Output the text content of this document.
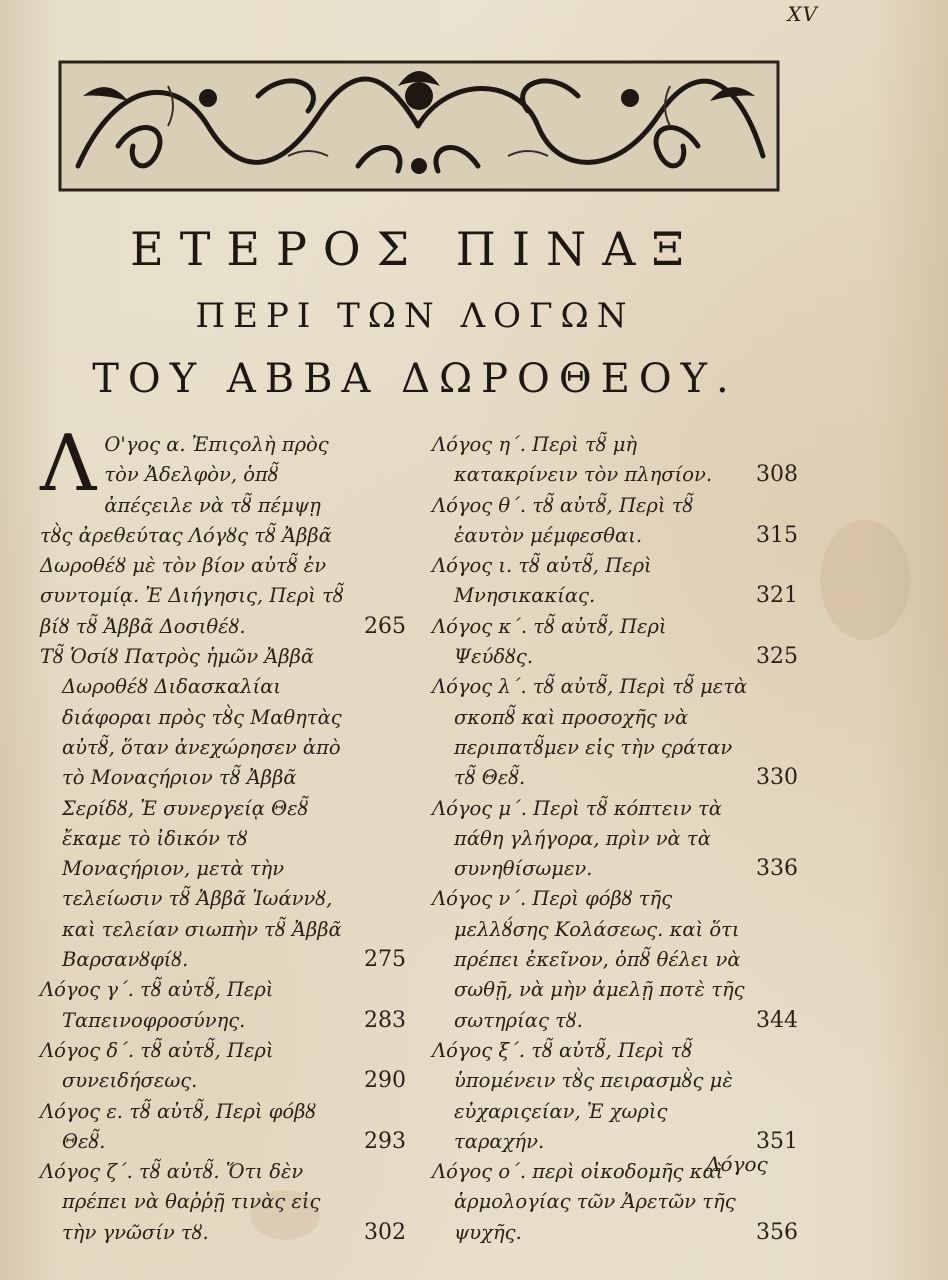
XV
ΕΤΕΡΟΣ ΠΙΝΑΞ
ΠΕΡΙ ΤΩΝ ΛΟΓΩΝ
ΤΟΥ ΑΒΒΑ ΔΩΡΟΘΕΟΥ.
Λ Ο'γος α. Ἐπιςολὴ πρὸς τὸν Ἀδελφὸν, ὁπȣ̃ ἀπέςειλε νὰ τȣ̃ πέμψῃ τȣ̀ς ἀρεθεύτας Λόγȣς τȣ̃ Ἀββᾶ Δωροθέȣ μὲ τὸν βίον αὐτȣ̃ ἐν συντομίᾳ. Ἐ Διήγησις, Περὶ τȣ̃ βίȣ τȣ̃ Ἀββᾶ Δοσιθέȣ.	265
Τȣ̃ Ὁσίȣ Πατρὸς ἡμῶν Ἀββᾶ Δωροθέȣ Διδασκαλίαι διάφοραι πρὸς τȣ̀ς Μαθητὰς αὐτȣ̃, ὅταν ἀνεχώρησεν ἀπὸ τὸ Μοναςήριον τȣ̃ Ἀββᾶ Σερίδȣ, Ἐ συνεργείᾳ Θεȣ̃ ἔκαμε τὸ ἰδικόν τȣ Μοναςήριον, μετὰ τὴν τελείωσιν τȣ̃ Ἀββᾶ Ἰωάννȣ, καὶ τελείαν σιωπὴν τȣ̃ Ἀββᾶ Βαρσανȣφίȣ.	275
Λόγος γ΄. τȣ̃ αὐτȣ̃, Περὶ Ταπεινοφροσύνης.	283
Λόγος δ΄. τȣ̃ αὐτȣ̃, Περὶ συνειδήσεως.	290
Λόγος ε. τȣ̃ αὐτȣ̃, Περὶ φόβȣ Θεȣ̃.	293
Λόγος ζ΄. τȣ̃ αὐτȣ̃. Ὅτι δὲν πρέπει νὰ θαῤῥῇ τινὰς εἰς τὴν γνῶσίν τȣ.	302
Λόγος η΄. Περὶ τȣ̃ μὴ κατακρίνειν τὸν πλησίον.	308
Λόγος θ΄. τȣ̃ αὐτȣ̃, Περὶ τȣ̃ ἑαυτὸν μέμφεσθαι.	315
Λόγος ι. τȣ̃ αὐτȣ̃, Περὶ Μνησικακίας.	321
Λόγος κ΄. τȣ̃ αὐτȣ̃, Περὶ Ψεύδȣς.	325
Λόγος λ΄. τȣ̃ αὐτȣ̃, Περὶ τȣ̃ μετὰ σκοπȣ̃ καὶ προσοχῆς νὰ περιπατȣ̃μεν εἰς τὴν ςράταν τȣ̃ Θεȣ̃.	330
Λόγος μ΄. Περὶ τȣ̃ κόπτειν τὰ πάθη γλήγορα, πρὶν νὰ τὰ συνηθίσωμεν.	336
Λόγος ν΄. Περὶ φόβȣ τῆς μελλȣ́σης Κολάσεως. καὶ ὅτι πρέπει ἐκεῖνον, ὁπȣ̃ θέλει νὰ σωθῇ, νὰ μὴν ἀμελῇ ποτὲ τῆς σωτηρίας τȣ.	344
Λόγος ξ΄. τȣ̃ αὐτȣ̃, Περὶ τȣ̃ ὑπομένειν τȣ̀ς πειρασμȣ̀ς μὲ εὐχαριςείαν, Ἐ χωρὶς ταραχήν.	351
Λόγος ο΄. περὶ οἰκοδομῆς καὶ ἁρμολογίας τῶν Ἀρετῶν τῆς ψυχῆς.	356
Λόγος
